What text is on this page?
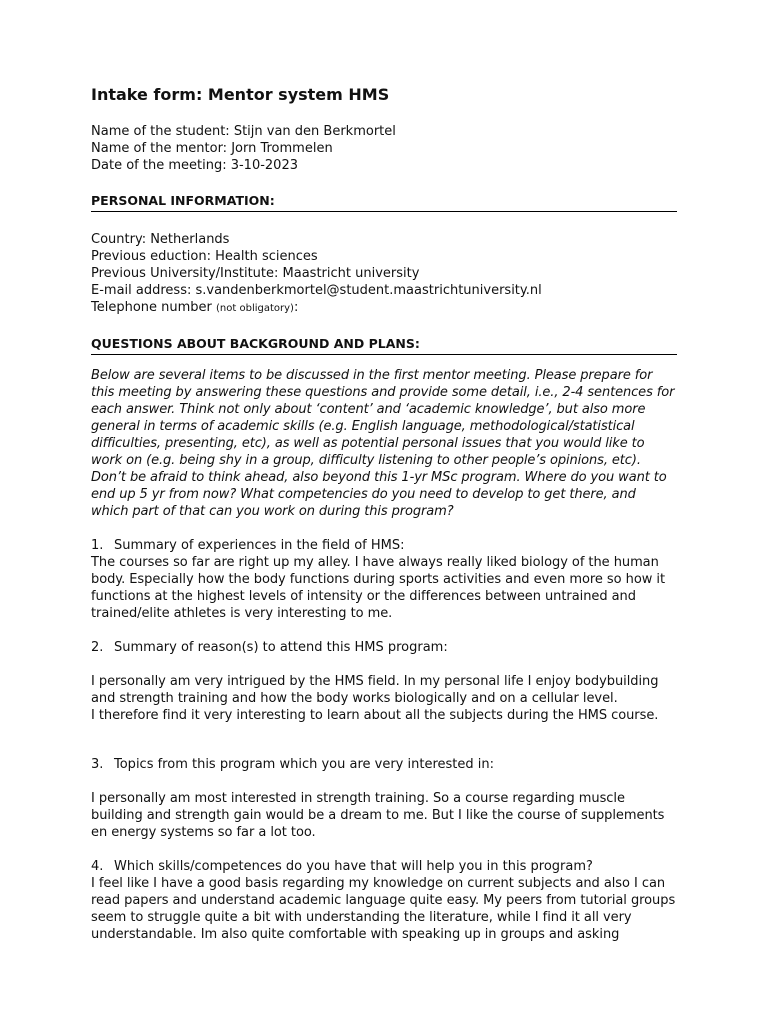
Intake form: Mentor system HMS
Name of the student: Stijn van den Berkmortel
Name of the mentor: Jorn Trommelen
Date of the meeting: 3-10-2023
PERSONAL INFORMATION:
Country: Netherlands
Previous eduction: Health sciences
Previous University/Institute: Maastricht university
E-mail address: s.vandenberkmortel@student.maastrichtuniversity.nl
Telephone number (not obligatory):
QUESTIONS ABOUT BACKGROUND AND PLANS:
Below are several items to be discussed in the first mentor meeting. Please prepare for this meeting by answering these questions and provide some detail, i.e., 2-4 sentences for each answer. Think not only about ‘content’ and ‘academic knowledge’, but also more general in terms of academic skills (e.g. English language, methodological/statistical difficulties, presenting, etc), as well as potential personal issues that you would like to work on (e.g. being shy in a group, difficulty listening to other people’s opinions, etc). Don’t be afraid to think ahead, also beyond this 1-yr MSc program. Where do you want to end up 5 yr from now? What competencies do you need to develop to get there, and which part of that can you work on during this program?
1. Summary of experiences in the field of HMS:
The courses so far are right up my alley. I have always really liked biology of the human body. Especially how the body functions during sports activities and even more so how it functions at the highest levels of intensity or the differences between untrained and trained/elite athletes is very interesting to me.
2. Summary of reason(s) to attend this HMS program:
I personally am very intrigued by the HMS field. In my personal life I enjoy bodybuilding and strength training and how the body works biologically and on a cellular level.
I therefore find it very interesting to learn about all the subjects during the HMS course.
3. Topics from this program which you are very interested in:
I personally am most interested in strength training. So a course regarding muscle building and strength gain would be a dream to me. But I like the course of supplements en energy systems so far a lot too.
4. Which skills/competences do you have that will help you in this program?
I feel like I have a good basis regarding my knowledge on current subjects and also I can read papers and understand academic language quite easy. My peers from tutorial groups seem to struggle quite a bit with understanding the literature, while I find it all very understandable. Im also quite comfortable with speaking up in groups and asking
